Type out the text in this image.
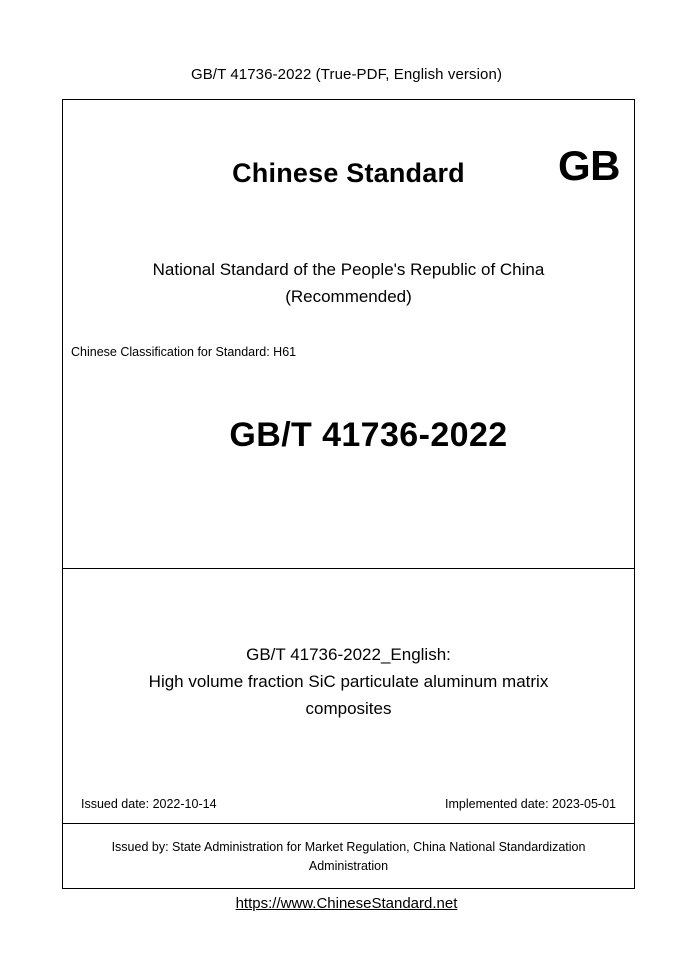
GB/T 41736-2022 (True-PDF, English version)
Chinese Standard	GB
National Standard of the People's Republic of China
(Recommended)
Chinese Classification for Standard: H61
GB/T 41736-2022
GB/T 41736-2022_English:
High volume fraction SiC particulate aluminum matrix
composites
Issued date: 2022-10-14	Implemented date: 2023-05-01
Issued by: State Administration for Market Regulation, China National Standardization
Administration
https://www.ChineseStandard.net
